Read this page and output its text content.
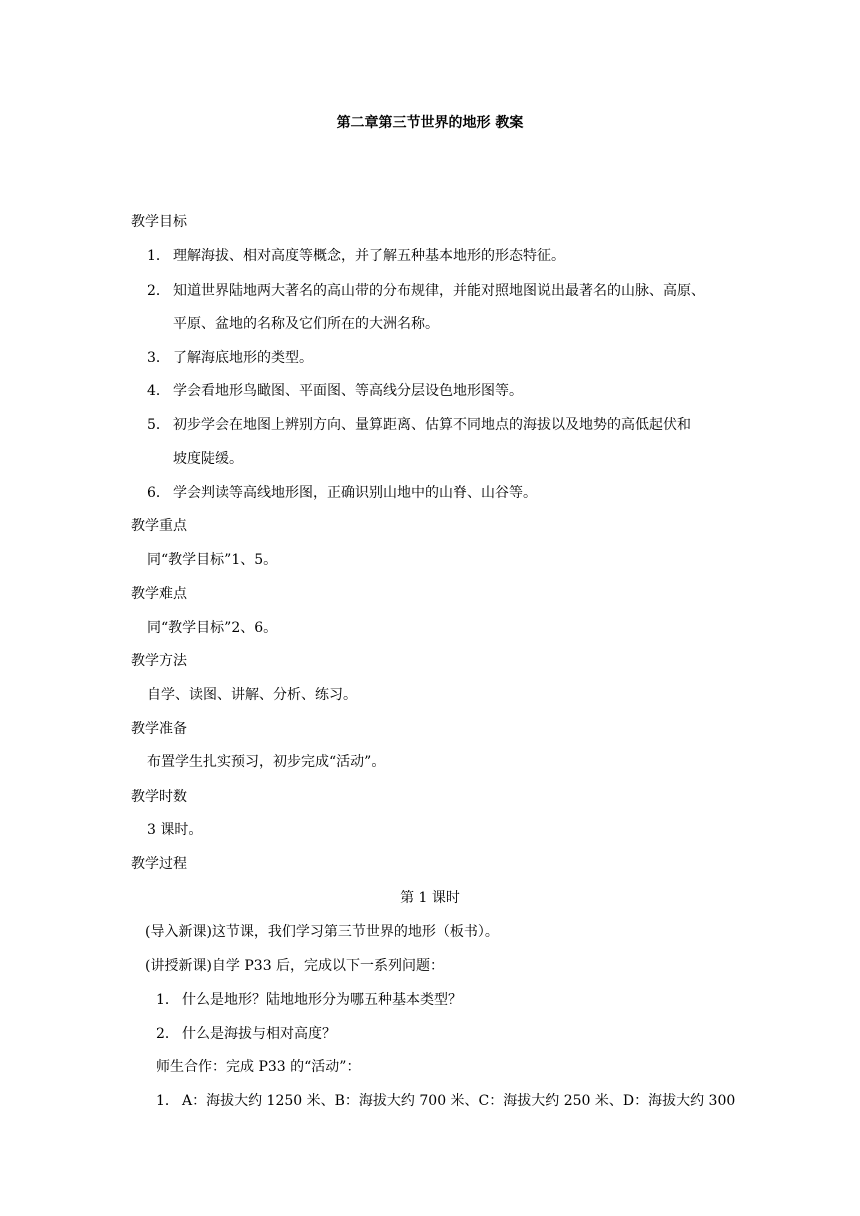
第二章第三节世界的地形 教案
教学目标
1． 理解海拔、相对高度等概念，并了解五种基本地形的形态特征。
2． 知道世界陆地两大著名的高山带的分布规律，并能对照地图说出最著名的山脉、高原、
平原、盆地的名称及它们所在的大洲名称。
3． 了解海底地形的类型。
4． 学会看地形鸟瞰图、平面图、等高线分层设色地形图等。
5． 初步学会在地图上辨别方向、量算距离、估算不同地点的海拔以及地势的高低起伏和
坡度陡缓。
6． 学会判读等高线地形图，正确识别山地中的山脊、山谷等。
教学重点
同“教学目标”1、5。
教学难点
同“教学目标”2、6。
教学方法
自学、读图、讲解、分析、练习。
教学准备
布置学生扎实预习，初步完成“活动”。
教学时数
3 课时。
教学过程
第 1 课时
(导入新课)这节课，我们学习第三节世界的地形（板书）。
(讲授新课)自学 P33 后，完成以下一系列问题：
1． 什么是地形？陆地地形分为哪五种基本类型？
2． 什么是海拔与相对高度？
师生合作：完成 P33 的“活动”：
1． A：海拔大约 1250 米、B：海拔大约 700 米、C：海拔大约 250 米、D：海拔大约 300
